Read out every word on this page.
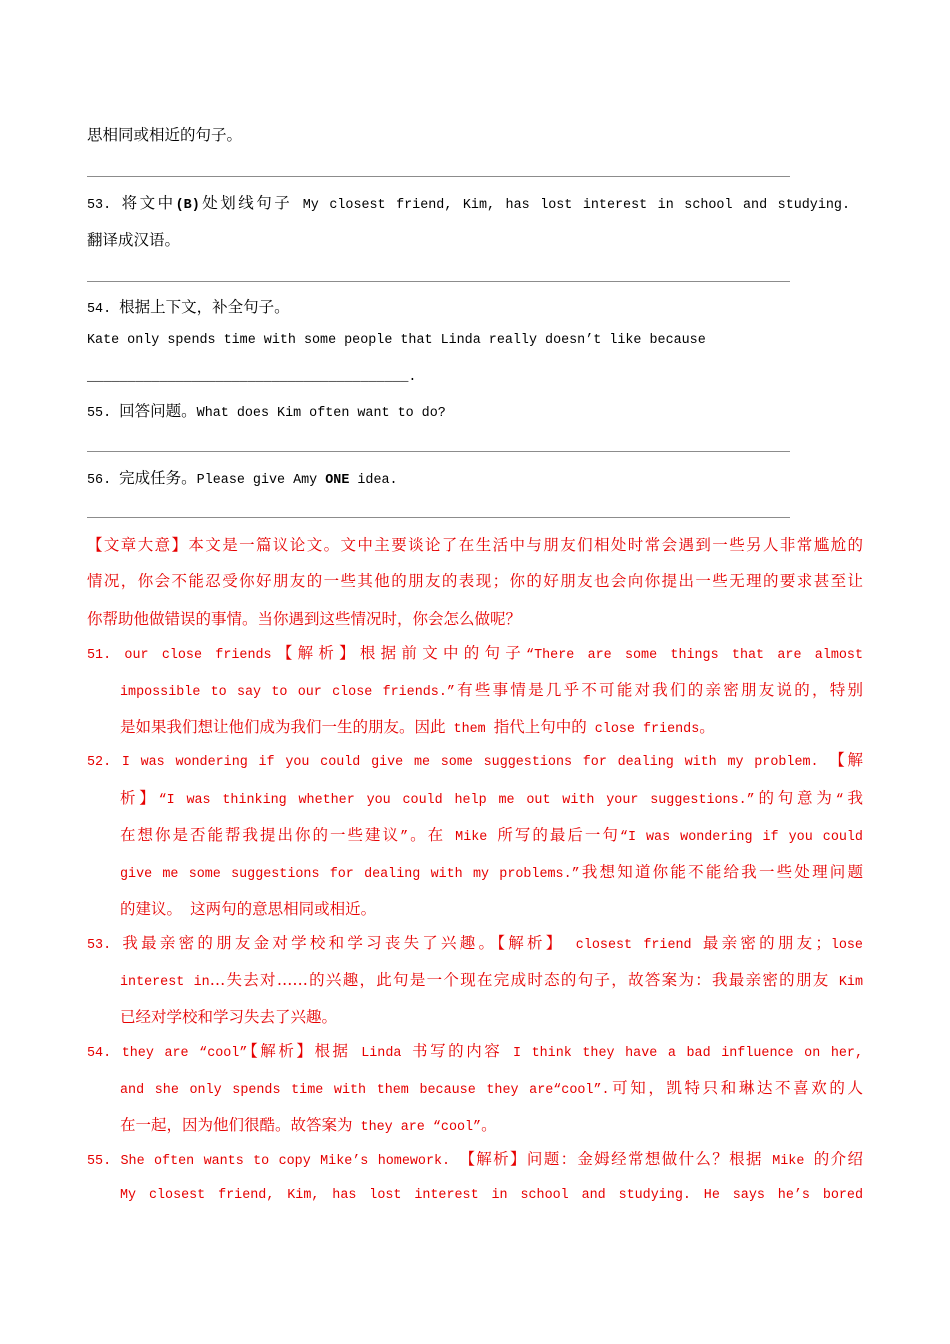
思相同或相近的句子。
53. 将文中(B)处划线句子 My closest friend, Kim, has lost interest in school and studying.
翻译成汉语。
54. 根据上下文，补全句子。
Kate only spends time with some people that Linda really doesn’t like because
________________________________________.
55. 回答问题。What does Kim often want to do?
56. 完成任务。Please give Amy ONE idea.
【文章大意】本文是一篇议论文。文中主要谈论了在生活中与朋友们相处时常会遇到一些另人非常尴尬的
情况，你会不能忍受你好朋友的一些其他的朋友的表现；你的好朋友也会向你提出一些无理的要求甚至让
你帮助他做错误的事情。当你遇到这些情况时，你会怎么做呢？
51. our close friends【解析】根据前文中的句子“There are some things that are almost
impossible to say to our close friends.”有些事情是几乎不可能对我们的亲密朋友说的，特别
是如果我们想让他们成为我们一生的朋友。因此 them 指代上句中的 close friends。
52. I was wondering if you could give me some suggestions for dealing with my problem. 【解
析】“I was thinking whether you could help me out with your suggestions.”的句意为“我
在想你是否能帮我提出你的一些建议”。在 Mike 所写的最后一句“I was wondering if you could
give me some suggestions for dealing with my problems.”我想知道你能不能给我一些处理问题
的建议。 这两句的意思相同或相近。
53. 我最亲密的朋友金对学校和学习丧失了兴趣。【解析】 closest friend 最亲密的朋友；lose
interest in…失去对……的兴趣，此句是一个现在完成时态的句子，故答案为：我最亲密的朋友 Kim
已经对学校和学习失去了兴趣。
54. they are “cool”【解析】根据 Linda 书写的内容 I think they have a bad influence on her,
and she only spends time with them because they are“cool”.可知，凯特只和琳达不喜欢的人
在一起，因为他们很酷。故答案为 they are “cool”。
55. She often wants to copy Mike’s homework. 【解析】问题：金姆经常想做什么？根据 Mike 的介绍
My closest friend, Kim, has lost interest in school and studying. He says he’s bored
